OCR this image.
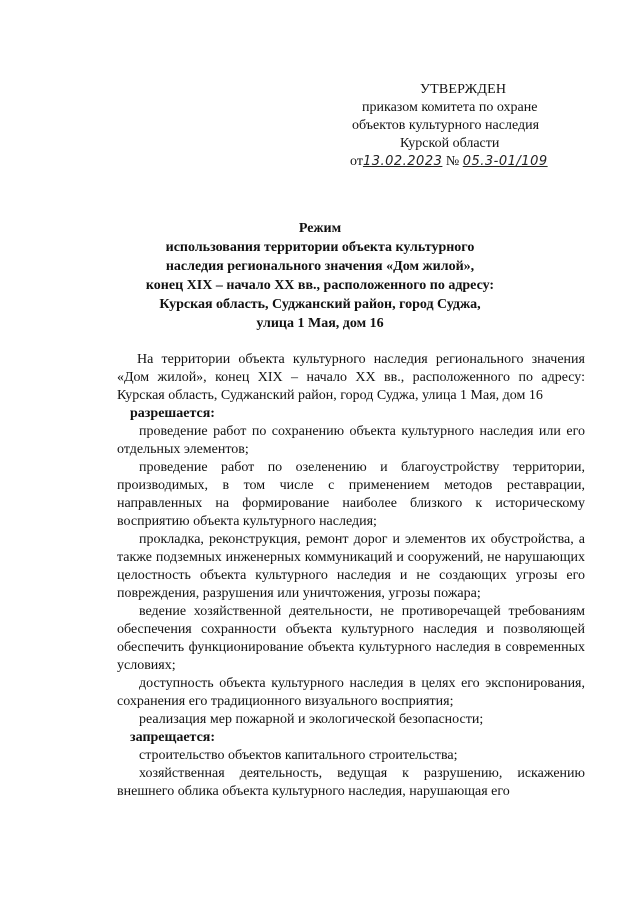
УТВЕРЖДЕН
приказом комитета по охране
объектов культурного наследия
Курской области
от13.02.2023 № 05.3-01/109
Режим
использования территории объекта культурного
наследия регионального значения «Дом жилой»,
конец XIX – начало XX вв., расположенного по адресу:
Курская область, Суджанский район, город Суджа,
улица 1 Мая, дом 16

На территории объекта культурного наследия регионального значения «Дом жилой», конец XIX – начало XX вв., расположенного по адресу: Курская область, Суджанский район, город Суджа, улица 1 Мая, дом 16

разрешается:

проведение работ по сохранению объекта культурного наследия или его отдельных элементов;

проведение работ по озеленению и благоустройству территории, производимых, в том числе с применением методов реставрации, направленных на формирование наиболее близкого к историческому восприятию объекта культурного наследия;

прокладка, реконструкция, ремонт дорог и элементов их обустройства, а также подземных инженерных коммуникаций и сооружений, не нарушающих целостность объекта культурного наследия и не создающих угрозы его повреждения, разрушения или уничтожения, угрозы пожара;

ведение хозяйственной деятельности, не противоречащей требованиям обеспечения сохранности объекта культурного наследия и позволяющей обеспечить функционирование объекта культурного наследия в современных условиях;

доступность объекта культурного наследия в целях его экспонирования, сохранения его традиционного визуального восприятия;

реализация мер пожарной и экологической безопасности;

запрещается:

строительство объектов капитального строительства;

хозяйственная деятельность, ведущая к разрушению, искажению внешнего облика объекта культурного наследия, нарушающая его
